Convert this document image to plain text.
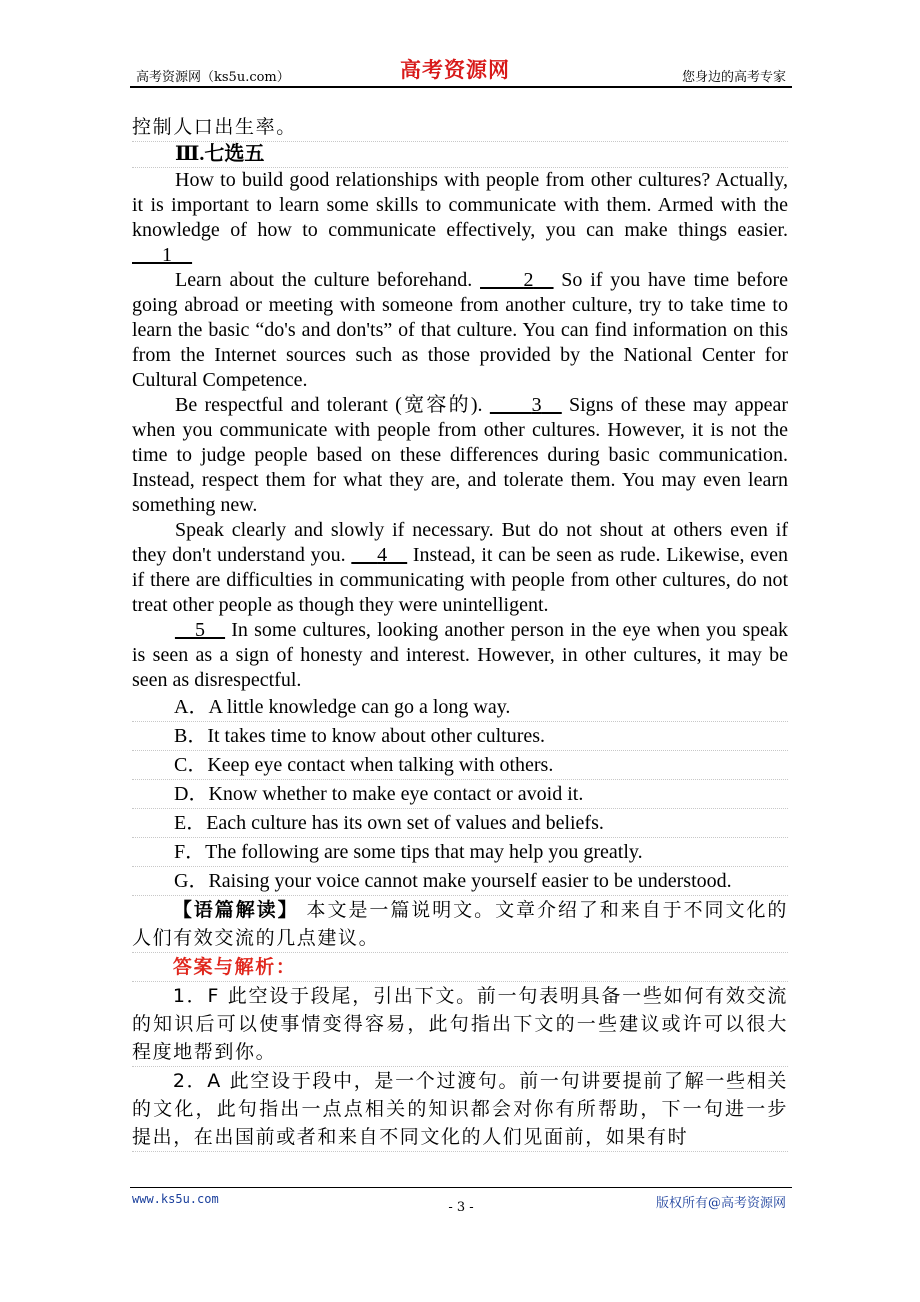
高考资源网（ks5u.com）	高考资源网	您身边的高考专家

控制人口出生率。

Ⅲ.七选五

How to build good relationships with people from other cultures? Actually, it is important to learn some skills to communicate with them. Armed with the knowledge of how to communicate effectively, you can make things easier.   __1__

Learn about the culture beforehand.    __2__ So if you have time before going abroad or meeting with someone from another culture, try to take time to learn the basic “do's and don'ts” of that culture. You can find information on this from the Internet sources such as those provided by the National Center for Cultural Competence.

Be respectful and tolerant (宽容的).    __3__ Signs of these may appear when you communicate with people from other cultures. However, it is not the time to judge people based on these differences during basic communication. Instead, respect them for what they are, and tolerate them. You may even learn something new.

Speak clearly and slowly if necessary. But do not shout at others even if they don't understand you.  __4__ Instead, it can be seen as rude. Likewise, even if there are difficulties in communicating with people from other cultures, do not treat other people as though they were unintelligent.

__5__ In some cultures, looking another person in the eye when you speak is seen as a sign of honesty and interest. However, in other cultures, it may be seen as disrespectful.

A．A little knowledge can go a long way.

B．It takes time to know about other cultures.

C．Keep eye contact when talking with others.

D．Know whether to make eye contact or avoid it.

E．Each culture has its own set of values and beliefs.

F．The following are some tips that may help you greatly.

G．Raising your voice cannot make yourself easier to be understood.

【语篇解读】 本文是一篇说明文。文章介绍了和来自于不同文化的人们有效交流的几点建议。

答案与解析：

1．F 此空设于段尾，引出下文。前一句表明具备一些如何有效交流的知识后可以使事情变得容易，此句指出下文的一些建议或许可以很大程度地帮到你。

2．A 此空设于段中，是一个过渡句。前一句讲要提前了解一些相关的文化，此句指出一点点相关的知识都会对你有所帮助，下一句进一步提出，在出国前或者和来自不同文化的人们见面前，如果有时

www.ks5u.com
- 3 -	版权所有@高考资源网
